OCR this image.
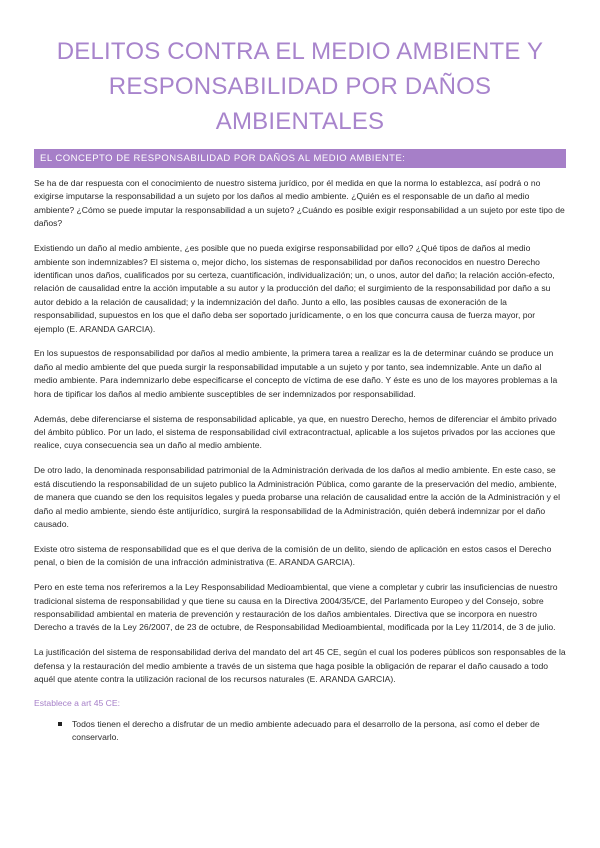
DELITOS CONTRA EL MEDIO AMBIENTE Y
RESPONSABILIDAD POR DAÑOS
AMBIENTALES
EL CONCEPTO DE RESPONSABILIDAD POR DAÑOS AL MEDIO AMBIENTE:

Se ha de dar respuesta con el conocimiento de nuestro sistema jurídico, por él medida en que la norma lo establezca, así podrá o no exigirse imputarse la responsabilidad a un sujeto por los daños al medio ambiente. ¿Quién es el responsable de un daño al medio ambiente? ¿Cómo se puede imputar la responsabilidad a un sujeto? ¿Cuándo es posible exigir responsabilidad a un sujeto por este tipo de daños?

Existiendo un daño al medio ambiente, ¿es posible que no pueda exigirse responsabilidad por ello? ¿Qué tipos de daños al medio ambiente son indemnizables? El sistema o, mejor dicho, los sistemas de responsabilidad por daños reconocidos en nuestro Derecho identifican unos daños, cualificados por su certeza, cuantificación, individualización; un, o unos, autor del daño; la relación acción-efecto, relación de causalidad entre la acción imputable a su autor y la producción del daño; el surgimiento de la responsabilidad por daño a su autor debido a la relación de causalidad; y la indemnización del daño. Junto a ello, las posibles causas de exoneración de la responsabilidad, supuestos en los que el daño deba ser soportado jurídicamente, o en los que concurra causa de fuerza mayor, por ejemplo (E. ARANDA GARCIA).

En los supuestos de responsabilidad por daños al medio ambiente, la primera tarea a realizar es la de determinar cuándo se produce un daño al medio ambiente del que pueda surgir la responsabilidad imputable a un sujeto y por tanto, sea indemnizable. Ante un daño al medio ambiente. Para indemnizarlo debe especificarse el concepto de víctima de ese daño. Y éste es uno de los mayores problemas a la hora de tipificar los daños al medio ambiente susceptibles de ser indemnizados por responsabilidad.

Además, debe diferenciarse el sistema de responsabilidad aplicable, ya que, en nuestro Derecho, hemos de diferenciar el ámbito privado del ámbito público. Por un lado, el sistema de responsabilidad civil extracontractual, aplicable a los sujetos privados por las acciones que realice, cuya consecuencia sea un daño al medio ambiente.

De otro lado, la denominada responsabilidad patrimonial de la Administración derivada de los daños al medio ambiente. En este caso, se está discutiendo la responsabilidad de un sujeto publico la Administración Pública, como garante de la preservación del medio, ambiente, de manera que cuando se den los requisitos legales y pueda probarse una relación de causalidad entre la acción de la Administración y el daño al medio ambiente, siendo éste antijurídico, surgirá la responsabilidad de la Administración, quién deberá indemnizar por el daño causado.

Existe otro sistema de responsabilidad que es el que deriva de la comisión de un delito, siendo de aplicación en estos casos el Derecho penal, o bien de la comisión de una infracción administrativa (E. ARANDA GARCIA).

Pero en este tema nos referiremos a la Ley Responsabilidad Medioambiental, que viene a completar y cubrir las insuficiencias de nuestro tradicional sistema de responsabilidad y que tiene su causa en la Directiva 2004/35/CE, del Parlamento Europeo y del Consejo, sobre responsabilidad ambiental en materia de prevención y restauración de los daños ambientales. Directiva que se incorpora en nuestro Derecho a través de la Ley 26/2007, de 23 de octubre, de Responsabilidad Medioambiental, modificada por la Ley 11/2014, de 3 de julio.

La justificación del sistema de responsabilidad deriva del mandato del art 45 CE, según el cual los poderes públicos son responsables de la defensa y la restauración del medio ambiente a través de un sistema que haga posible la obligación de reparar el daño causado a todo aquél que atente contra la utilización racional de los recursos naturales (E. ARANDA GARCIA).

Establece a art 45 CE:
Todos tienen el derecho a disfrutar de un medio ambiente adecuado para el desarrollo de la persona, así como el deber de conservarlo.
